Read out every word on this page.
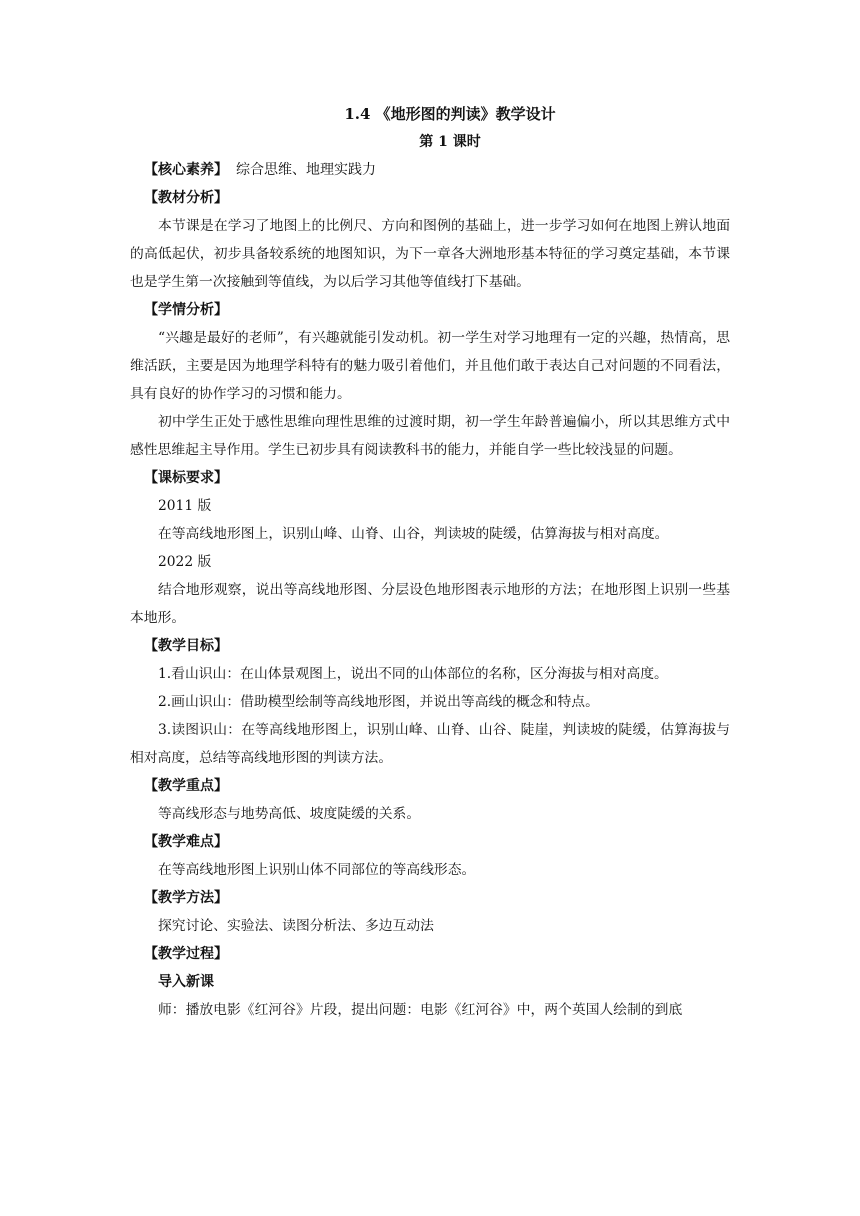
1.4 《地形图的判读》教学设计

第 1 课时

【核心素养】 综合思维、地理实践力

【教材分析】

本节课是在学习了地图上的比例尺、方向和图例的基础上，进一步学习如何在地图上辨认地面的高低起伏，初步具备较系统的地图知识，为下一章各大洲地形基本特征的学习奠定基础，本节课也是学生第一次接触到等值线，为以后学习其他等值线打下基础。

【学情分析】

“兴趣是最好的老师”，有兴趣就能引发动机。初一学生对学习地理有一定的兴趣，热情高，思维活跃，主要是因为地理学科特有的魅力吸引着他们，并且他们敢于表达自己对问题的不同看法，具有良好的协作学习的习惯和能力。

初中学生正处于感性思维向理性思维的过渡时期，初一学生年龄普遍偏小，所以其思维方式中感性思维起主导作用。学生已初步具有阅读教科书的能力，并能自学一些比较浅显的问题。

【课标要求】

2011 版

在等高线地形图上，识别山峰、山脊、山谷，判读坡的陡缓，估算海拔与相对高度。

2022 版

结合地形观察，说出等高线地形图、分层设色地形图表示地形的方法；在地形图上识别一些基本地形。

【教学目标】

1.看山识山：在山体景观图上，说出不同的山体部位的名称，区分海拔与相对高度。

2.画山识山：借助模型绘制等高线地形图，并说出等高线的概念和特点。

3.读图识山：在等高线地形图上，识别山峰、山脊、山谷、陡崖，判读坡的陡缓，估算海拔与相对高度，总结等高线地形图的判读方法。

【教学重点】

等高线形态与地势高低、坡度陡缓的关系。

【教学难点】

在等高线地形图上识别山体不同部位的等高线形态。

【教学方法】

探究讨论、实验法、读图分析法、多边互动法

【教学过程】

导入新课

师：播放电影《红河谷》片段，提出问题：电影《红河谷》中，两个英国人绘制的到底
